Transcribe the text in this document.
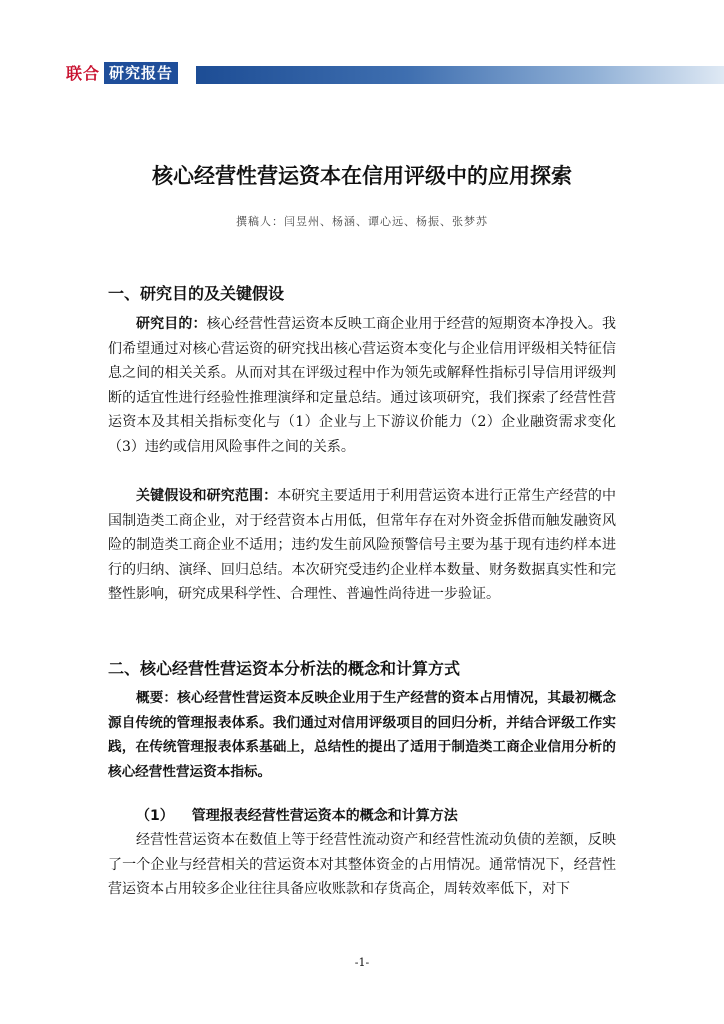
联合 研究报告
核心经营性营运资本在信用评级中的应用探索
撰稿人：闫昱州、杨涵、谭心远、杨振、张梦苏
一、研究目的及关键假设

研究目的：核心经营性营运资本反映工商企业用于经营的短期资本净投入。我们希望通过对核心营运资的研究找出核心营运资本变化与企业信用评级相关特征信息之间的相关关系。从而对其在评级过程中作为领先或解释性指标引导信用评级判断的适宜性进行经验性推理演绎和定量总结。通过该项研究，我们探索了经营性营运资本及其相关指标变化与（1）企业与上下游议价能力（2）企业融资需求变化（3）违约或信用风险事件之间的关系。

关键假设和研究范围：本研究主要适用于利用营运资本进行正常生产经营的中国制造类工商企业，对于经营资本占用低，但常年存在对外资金拆借而触发融资风险的制造类工商企业不适用；违约发生前风险预警信号主要为基于现有违约样本进行的归纳、演绎、回归总结。本次研究受违约企业样本数量、财务数据真实性和完整性影响，研究成果科学性、合理性、普遍性尚待进一步验证。

二、核心经营性营运资本分析法的概念和计算方式

概要：核心经营性营运资本反映企业用于生产经营的资本占用情况，其最初概念源自传统的管理报表体系。我们通过对信用评级项目的回归分析，并结合评级工作实践，在传统管理报表体系基础上，总结性的提出了适用于制造类工商企业信用分析的核心经营性营运资本指标。

（1） 管理报表经营性营运资本的概念和计算方法

经营性营运资本在数值上等于经营性流动资产和经营性流动负债的差额，反映了一个企业与经营相关的营运资本对其整体资金的占用情况。通常情况下，经营性营运资本占用较多企业往往具备应收账款和存货高企，周转效率低下，对下

-1-
